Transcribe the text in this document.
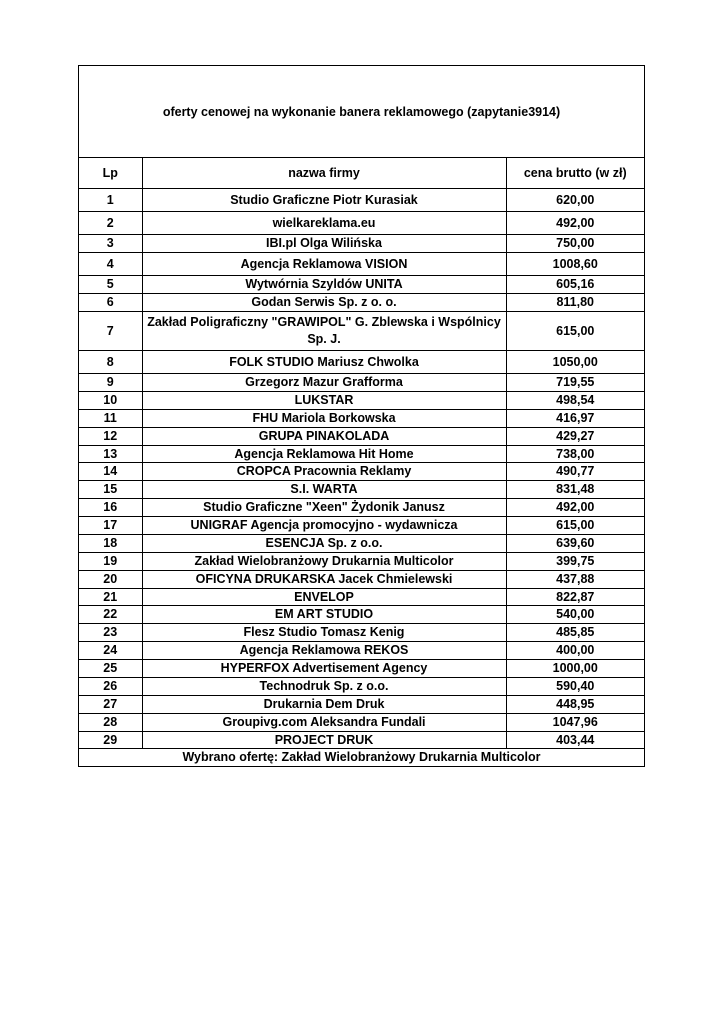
oferty cenowej na wykonanie banera reklamowego (zapytanie3914)
Lp	nazwa firmy	cena brutto (w zł)
1	Studio Graficzne Piotr Kurasiak	620,00
2	wielkareklama.eu	492,00
3	IBI.pl Olga Wilińska	750,00
4	Agencja Reklamowa VISION	1008,60
5	Wytwórnia Szyldów UNITA	605,16
6	Godan Serwis Sp. z o. o.	811,80
7	Zakład Poligraficzny "GRAWIPOL" G. Zblewska i Wspólnicy Sp. J.	615,00
8	FOLK STUDIO Mariusz Chwolka	1050,00
9	Grzegorz Mazur Grafforma	719,55
10	LUKSTAR	498,54
11	FHU Mariola Borkowska	416,97
12	GRUPA PINAKOLADA	429,27
13	Agencja Reklamowa Hit Home	738,00
14	CROPCA Pracownia Reklamy	490,77
15	S.I. WARTA	831,48
16	Studio Graficzne "Xeen" Żydonik Janusz	492,00
17	UNIGRAF Agencja promocyjno - wydawnicza	615,00
18	ESENCJA Sp. z o.o.	639,60
19	Zakład Wielobranżowy Drukarnia Multicolor	399,75
20	OFICYNA DRUKARSKA Jacek Chmielewski	437,88
21	ENVELOP	822,87
22	EM ART STUDIO	540,00
23	Flesz Studio Tomasz Kenig	485,85
24	Agencja Reklamowa REKOS	400,00
25	HYPERFOX Advertisement Agency	1000,00
26	Technodruk Sp. z o.o.	590,40
27	Drukarnia Dem Druk	448,95
28	Groupivg.com Aleksandra Fundali	1047,96
29	PROJECT DRUK	403,44
Wybrano ofertę: Zakład Wielobranżowy Drukarnia Multicolor		
